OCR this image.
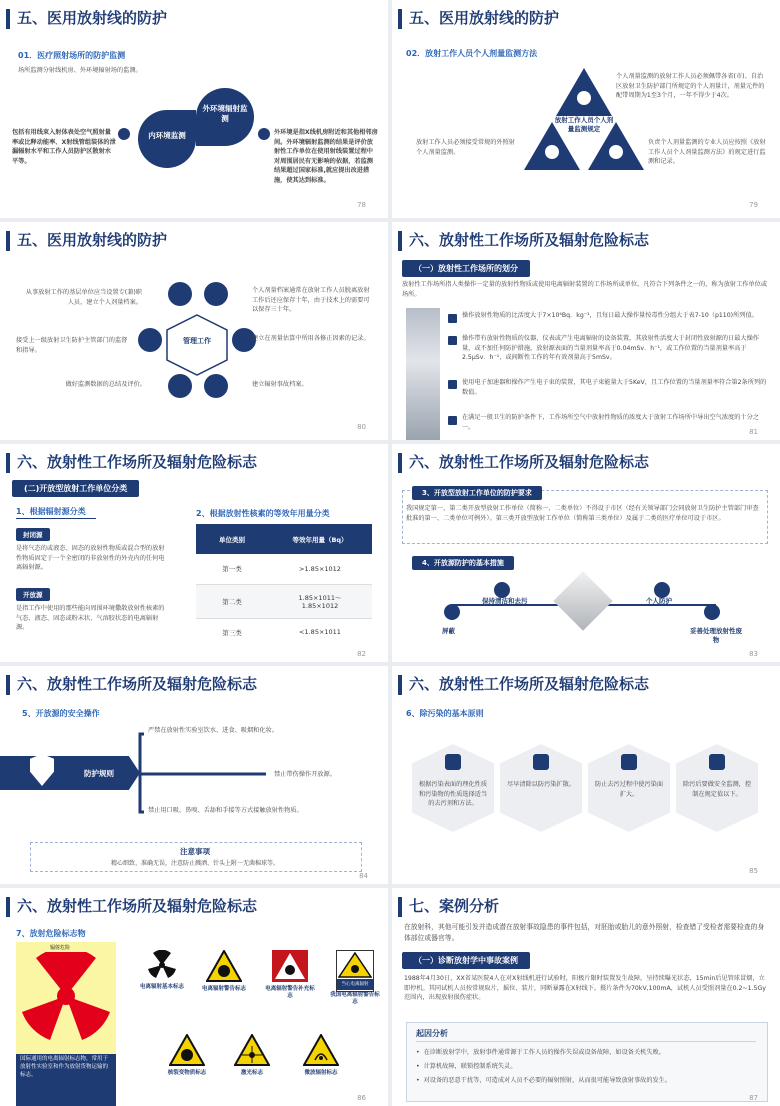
五、医用放射线的防护
01．医疗照射场所的防护监测
场所监测分射线机房、外环境辐射场的监测。
内环境监测
外环境辐射监测
包括有用线束入射体表处空气照射量率或比释动能率、X射线管组装体的泄漏辐射水平和工作人员防护区散射水平等。
外环境是指X线机房附近和其他相邻房间。外环境辐射监测的结果是评价放射性工作单位在使用射线装置过程中对周围居民有无影响的依据，若监测结果超过国家标准,就应提出改进措施，使其达到标准。
78
五、医用放射线的防护
02．放射工作人员个人剂量监测方法
放射工作人员个人剂量监测规定
个人剂量监测的放射工作人员必须佩带各省(市)、自治区放射卫生防护部门所规定的个人剂量计，剂量元件的配带周期为1至3个月，一年不得少于4次。
放射工作人员必须接受常规的外照射个人剂量监测。
负责个人剂量监测的专业人员应按照《放射工作人员个人剂量监测方法》的规定进行监测和记录。
79
五、医用放射线的防护
管理工作
从事放射工作的基层单位应当设置专(兼)职人员，建立个人剂量档案。
接受上一级放射卫生防护主管部门的监督和指导。
做好监测数据的总结及评价。
个人剂量档案通常在放射工作人员脱离放射工作后还应保存十年，由于技术上的需要可以保存三十年。
建立在剂量估算中所用各修正因素的记录。
建立辐射事故档案。
80
六、放射性工作场所及辐射危险标志
（一）放射性工作场所的划分
放射性工作场所指人类操作一定量的放射性物质或使用电离辐射装置的工作场所或单位。凡符合下列条件之一的，称为放射工作单位或场所。
操作放射性物质的比活度大于7×10⁴Bq．kg⁻¹，且每日最大操作量按毒性分组大于表7-10（p110)所列值。
操作带有放射性物质的仪器、仪表或产生电离辐射的设备装置，其放射性活度大于封闭性放射源的日最大操作量，或不加任何防护措施，放射源表面的当量剂量率高于0.04mSv．h⁻¹，或工作位置的当量剂量率高于2.5μSv．h⁻¹，或间断性工作的年有效剂量高于5mSv。
使用电子加速器和操作产生电子束的装置，其电子束能量大于5KeV，且工作位置的当量剂量率符合第2条所列的数值。
在满足一般卫生的防护条件下，工作场所空气中放射性物质的浓度大于放射工作场所中导出空气浓度的十分之一。
81
六、放射性工作场所及辐射危险标志
(二)开放型放射工作单位分类
1、根据辐射源分类
封闭源
是将气态的或液态、固态的放射性物质或混合型的放射性物质固定于一个全密闭的非放射性的外壳内的任何电离辐射源。
开放源
是指工作中使用的那些能向周围环境撒散放射性核素的气态、液态、固态或粉末状、气溶胶状态的电离辐射源。
2、根据放射性核素的等效年用量分类
单位类别	等效年用量（Bq）
第一类	>1.85×1012
第二类	1.85×1011～1.85×1012
第三类	<1.85×1011
82
六、放射性工作场所及辐射危险标志
3、开放型放射工作单位的防护要求
我国规定第一、第二类开放型放射工作单位（简称一、二类单位）不得设于市区（经有关领导部门会同放射卫生防护主管部门审查批准的第一、二类单位可例外）。第三类开放型放射工作单位（简称第三类单位）及属于二类的医疗单位可设于市区。
4、开放源防护的基本措施
屏蔽
保持清洁和去污	个人防护
妥善处理放射性废物
83
六、放射性工作场所及辐射危险标志
5、开放源的安全操作
防护规则
严禁在放射性实验室饮水、进食、吸烟和化妆。
禁止带伤操作开放源。
禁止用口吸、鼻嗅、舌舔和手接等方式接触放射性物质。
注意事项
精心细致、准确无误，注意防止溅洒、针头上附一无菌棉球等。
84
六、放射性工作场所及辐射危险标志
6、除污染的基本原则
根据污染表面的理化性质和污染物的性质选择适当的去污剂和方法。
尽早清除以防污染扩散。	防止去污过程中使污染面扩大。
除污后要做安全监测，控制在规定值以下。
85
六、放射性工作场所及辐射危险标志
7、放射危险标志物
辐射危险
国际通用的电离辐射标志物，常用于放射性实验室和作为放射货物运输的标志。
电离辐射基本标志	电离辐射警告标志	电离辐射警告补充标志
当心电离辐射
我国电离辐射警告标志
核裂变物质标志	激光标志	微波辐射标志
86
七、案例分析
在放射科，其他可能引发并造成潜在放射事故隐患的事件包括，对胚胎或胎儿的意外照射，检查错了受检者需要检查的身体部位或器官等。
（一）诊断放射学中事故案例
1988年4月30日，XX省某医院4人在对X射线机进行试验时，阳极片限时装置发生故障，呈持续曝光状态，15min后见管球冒烟，立即停机。其同试机人员按常规取片，摇位、装片，同断暴露在X射线下。摄片条件为70kV,100mA，试机人员受照剂量在0.2~1.5Gy范围内，出现放射损伤症状。
起因分析
•  在诊断放射学中，放射事件通常源于工作人员的操作失误或设备故障，如设备关机失败。
•  计算机故障，联锁控制系统失灵。
•  对设备的恶意干扰等，可造成对人员不必要的辐射照射，从而很可能导致放射事故的发生。
87
